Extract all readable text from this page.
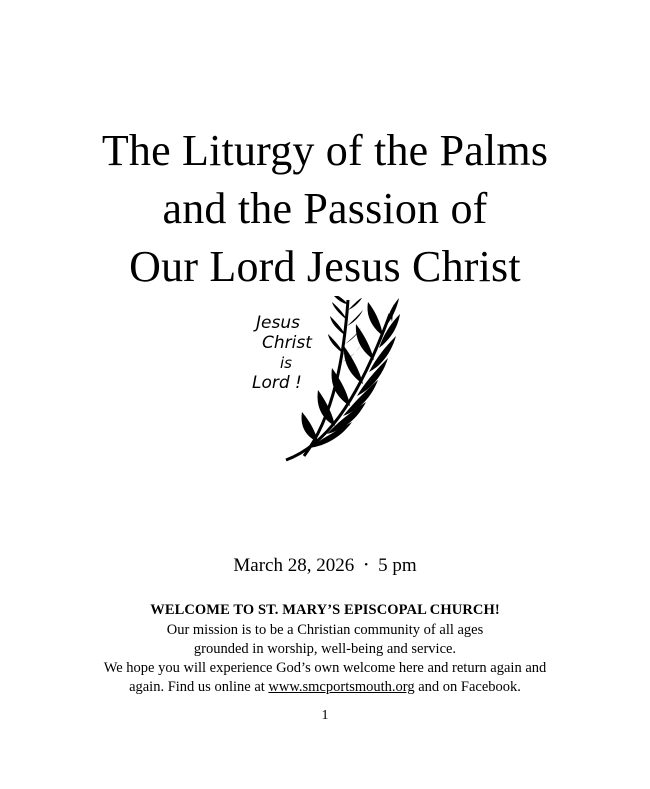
The Liturgy of the Palms
and the Passion of
Our Lord Jesus Christ
Jesus
Christ
is
Lord !
March 28, 2026 • 5 pm
WELCOME TO ST. MARY’S EPISCOPAL CHURCH!
Our mission is to be a Christian community of all ages
grounded in worship, well-being and service.
We hope you will experience God’s own welcome here and return again and
again. Find us online at www.smcportsmouth.org and on Facebook.
1
